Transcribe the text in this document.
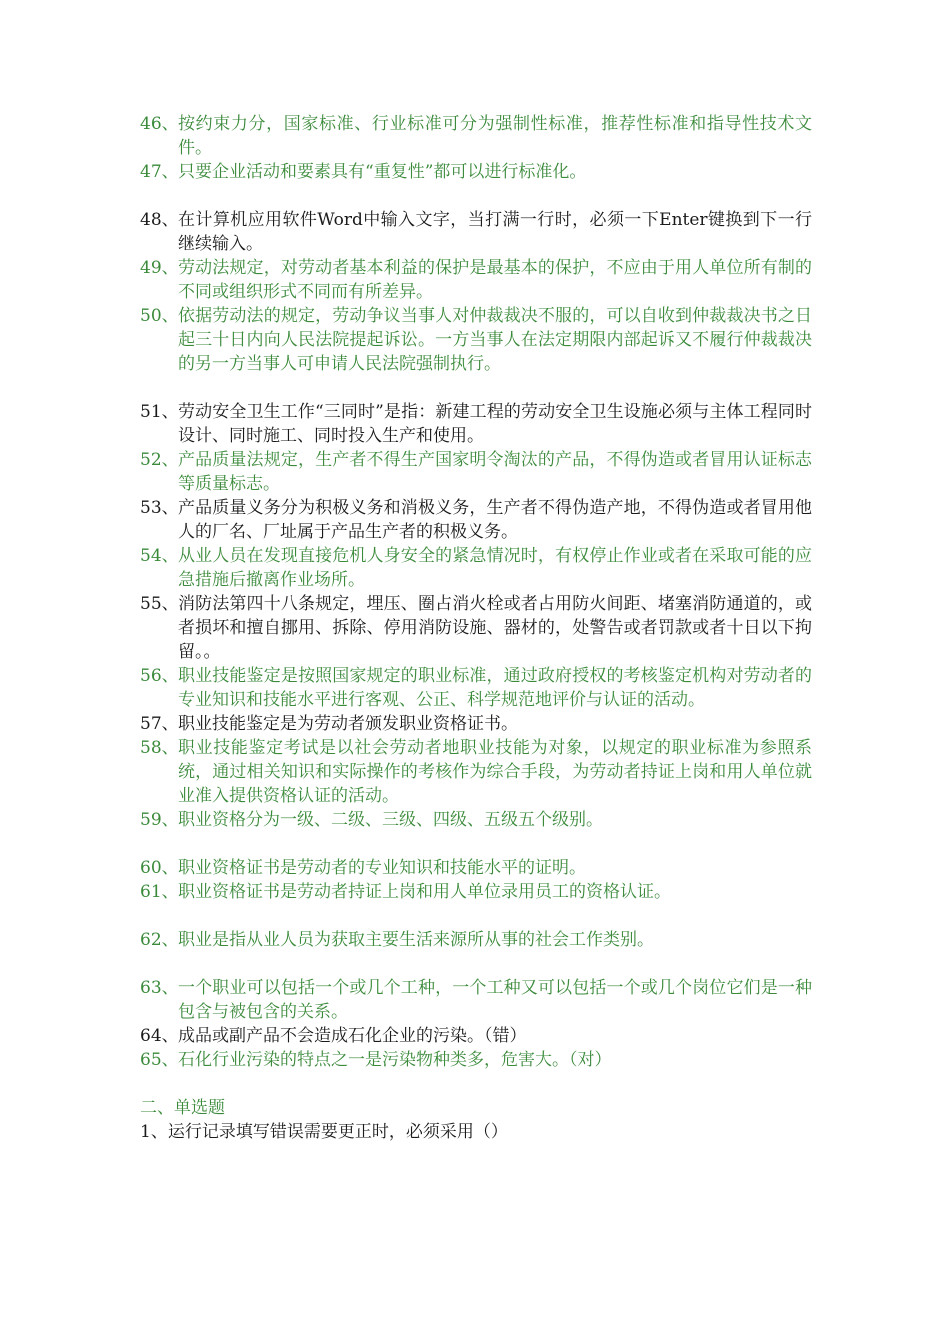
46、 按约束力分，国家标准、行业标准可分为强制性标准，推荐性标准和指导性技术文件。
47、 只要企业活动和要素具有“重复性”都可以进行标准化。
48、 在计算机应用软件Word中输入文字，当打满一行时，必须一下Enter键换到下一行继续输入。
49、 劳动法规定，对劳动者基本利益的保护是最基本的保护，不应由于用人单位所有制的不同或组织形式不同而有所差异。
50、 依据劳动法的规定，劳动争议当事人对仲裁裁决不服的，可以自收到仲裁裁决书之日起三十日内向人民法院提起诉讼。一方当事人在法定期限内部起诉又不履行仲裁裁决的另一方当事人可申请人民法院强制执行。
51、 劳动安全卫生工作“三同时”是指：新建工程的劳动安全卫生设施必须与主体工程同时设计、同时施工、同时投入生产和使用。
52、 产品质量法规定，生产者不得生产国家明令淘汰的产品，不得伪造或者冒用认证标志等质量标志。
53、 产品质量义务分为积极义务和消极义务，生产者不得伪造产地，不得伪造或者冒用他人的厂名、厂址属于产品生产者的积极义务。
54、 从业人员在发现直接危机人身安全的紧急情况时，有权停止作业或者在采取可能的应急措施后撤离作业场所。
55、 消防法第四十八条规定，埋压、圈占消火栓或者占用防火间距、堵塞消防通道的，或者损坏和擅自挪用、拆除、停用消防设施、器材的，处警告或者罚款或者十日以下拘留。。
56、 职业技能鉴定是按照国家规定的职业标准，通过政府授权的考核鉴定机构对劳动者的专业知识和技能水平进行客观、公正、科学规范地评价与认证的活动。
57、 职业技能鉴定是为劳动者颁发职业资格证书。
58、 职业技能鉴定考试是以社会劳动者地职业技能为对象，以规定的职业标准为参照系统，通过相关知识和实际操作的考核作为综合手段，为劳动者持证上岗和用人单位就业准入提供资格认证的活动。
59、 职业资格分为一级、二级、三级、四级、五级五个级别。
60、 职业资格证书是劳动者的专业知识和技能水平的证明。
61、 职业资格证书是劳动者持证上岗和用人单位录用员工的资格认证。
62、 职业是指从业人员为获取主要生活来源所从事的社会工作类别。
63、 一个职业可以包括一个或几个工种，一个工种又可以包括一个或几个岗位它们是一种包含与被包含的关系。
64、 成品或副产品不会造成石化企业的污染。（错）
65、 石化行业污染的特点之一是污染物种类多，危害大。（对）
二、单选题
1、运行记录填写错误需要更正时，必须采用（）
